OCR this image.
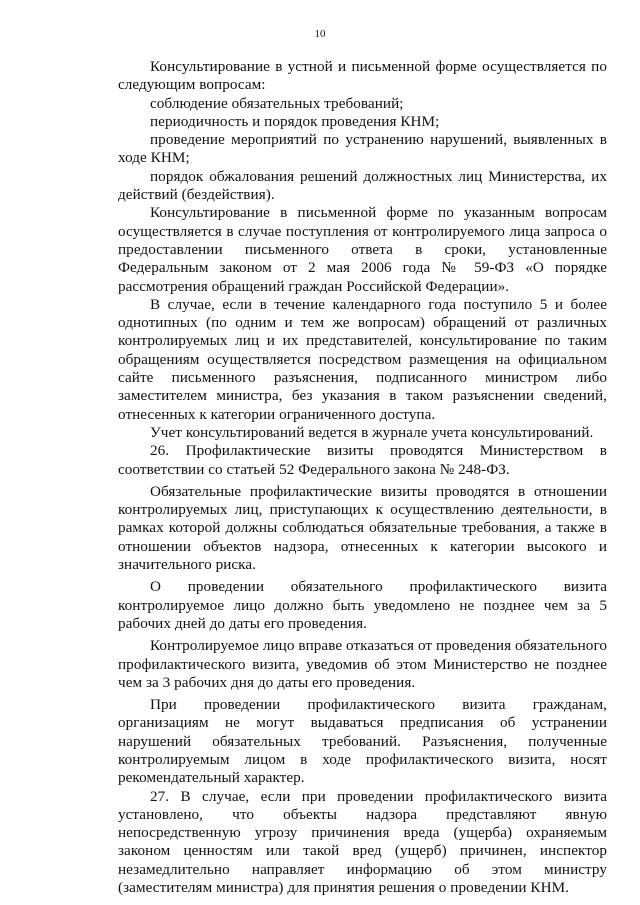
10

Консультирование в устной и письменной форме осуществляется по следующим вопросам:

соблюдение обязательных требований;

периодичность и порядок проведения КНМ;

проведение мероприятий по устранению нарушений, выявленных в ходе КНМ;

порядок обжалования решений должностных лиц Министерства, их действий (бездействия).

Консультирование в письменной форме по указанным вопросам осуществляется в случае поступления от контролируемого лица запроса о предоставлении письменного ответа в сроки, установленные Федеральным законом от 2 мая 2006 года № 59-ФЗ «О порядке рассмотрения обращений граждан Российской Федерации».

В случае, если в течение календарного года поступило 5 и более однотипных (по одним и тем же вопросам) обращений от различных контролируемых лиц и их представителей, консультирование по таким обращениям осуществляется посредством размещения на официальном сайте письменного разъяснения, подписанного министром либо заместителем министра, без указания в таком разъяснении сведений, отнесенных к категории ограниченного доступа.

Учет консультирований ведется в журнале учета консультирований.

26. Профилактические визиты проводятся Министерством в соответствии со статьей 52 Федерального закона № 248-ФЗ.

Обязательные профилактические визиты проводятся в отношении контролируемых лиц, приступающих к осуществлению деятельности, в рамках которой должны соблюдаться обязательные требования, а также в отношении объектов надзора, отнесенных к категории высокого и значительного риска.

О проведении обязательного профилактического визита контролируемое лицо должно быть уведомлено не позднее чем за 5 рабочих дней до даты его проведения.

Контролируемое лицо вправе отказаться от проведения обязательного профилактического визита, уведомив об этом Министерство не позднее чем за 3 рабочих дня до даты его проведения.

При проведении профилактического визита гражданам, организациям не могут выдаваться предписания об устранении нарушений обязательных требований. Разъяснения, полученные контролируемым лицом в ходе профилактического визита, носят рекомендательный характер.

27. В случае, если при проведении профилактического визита установлено, что объекты надзора представляют явную непосредственную угрозу причинения вреда (ущерба) охраняемым законом ценностям или такой вред (ущерб) причинен, инспектор незамедлительно направляет информацию об этом министру (заместителям министра) для принятия решения о проведении КНМ.
